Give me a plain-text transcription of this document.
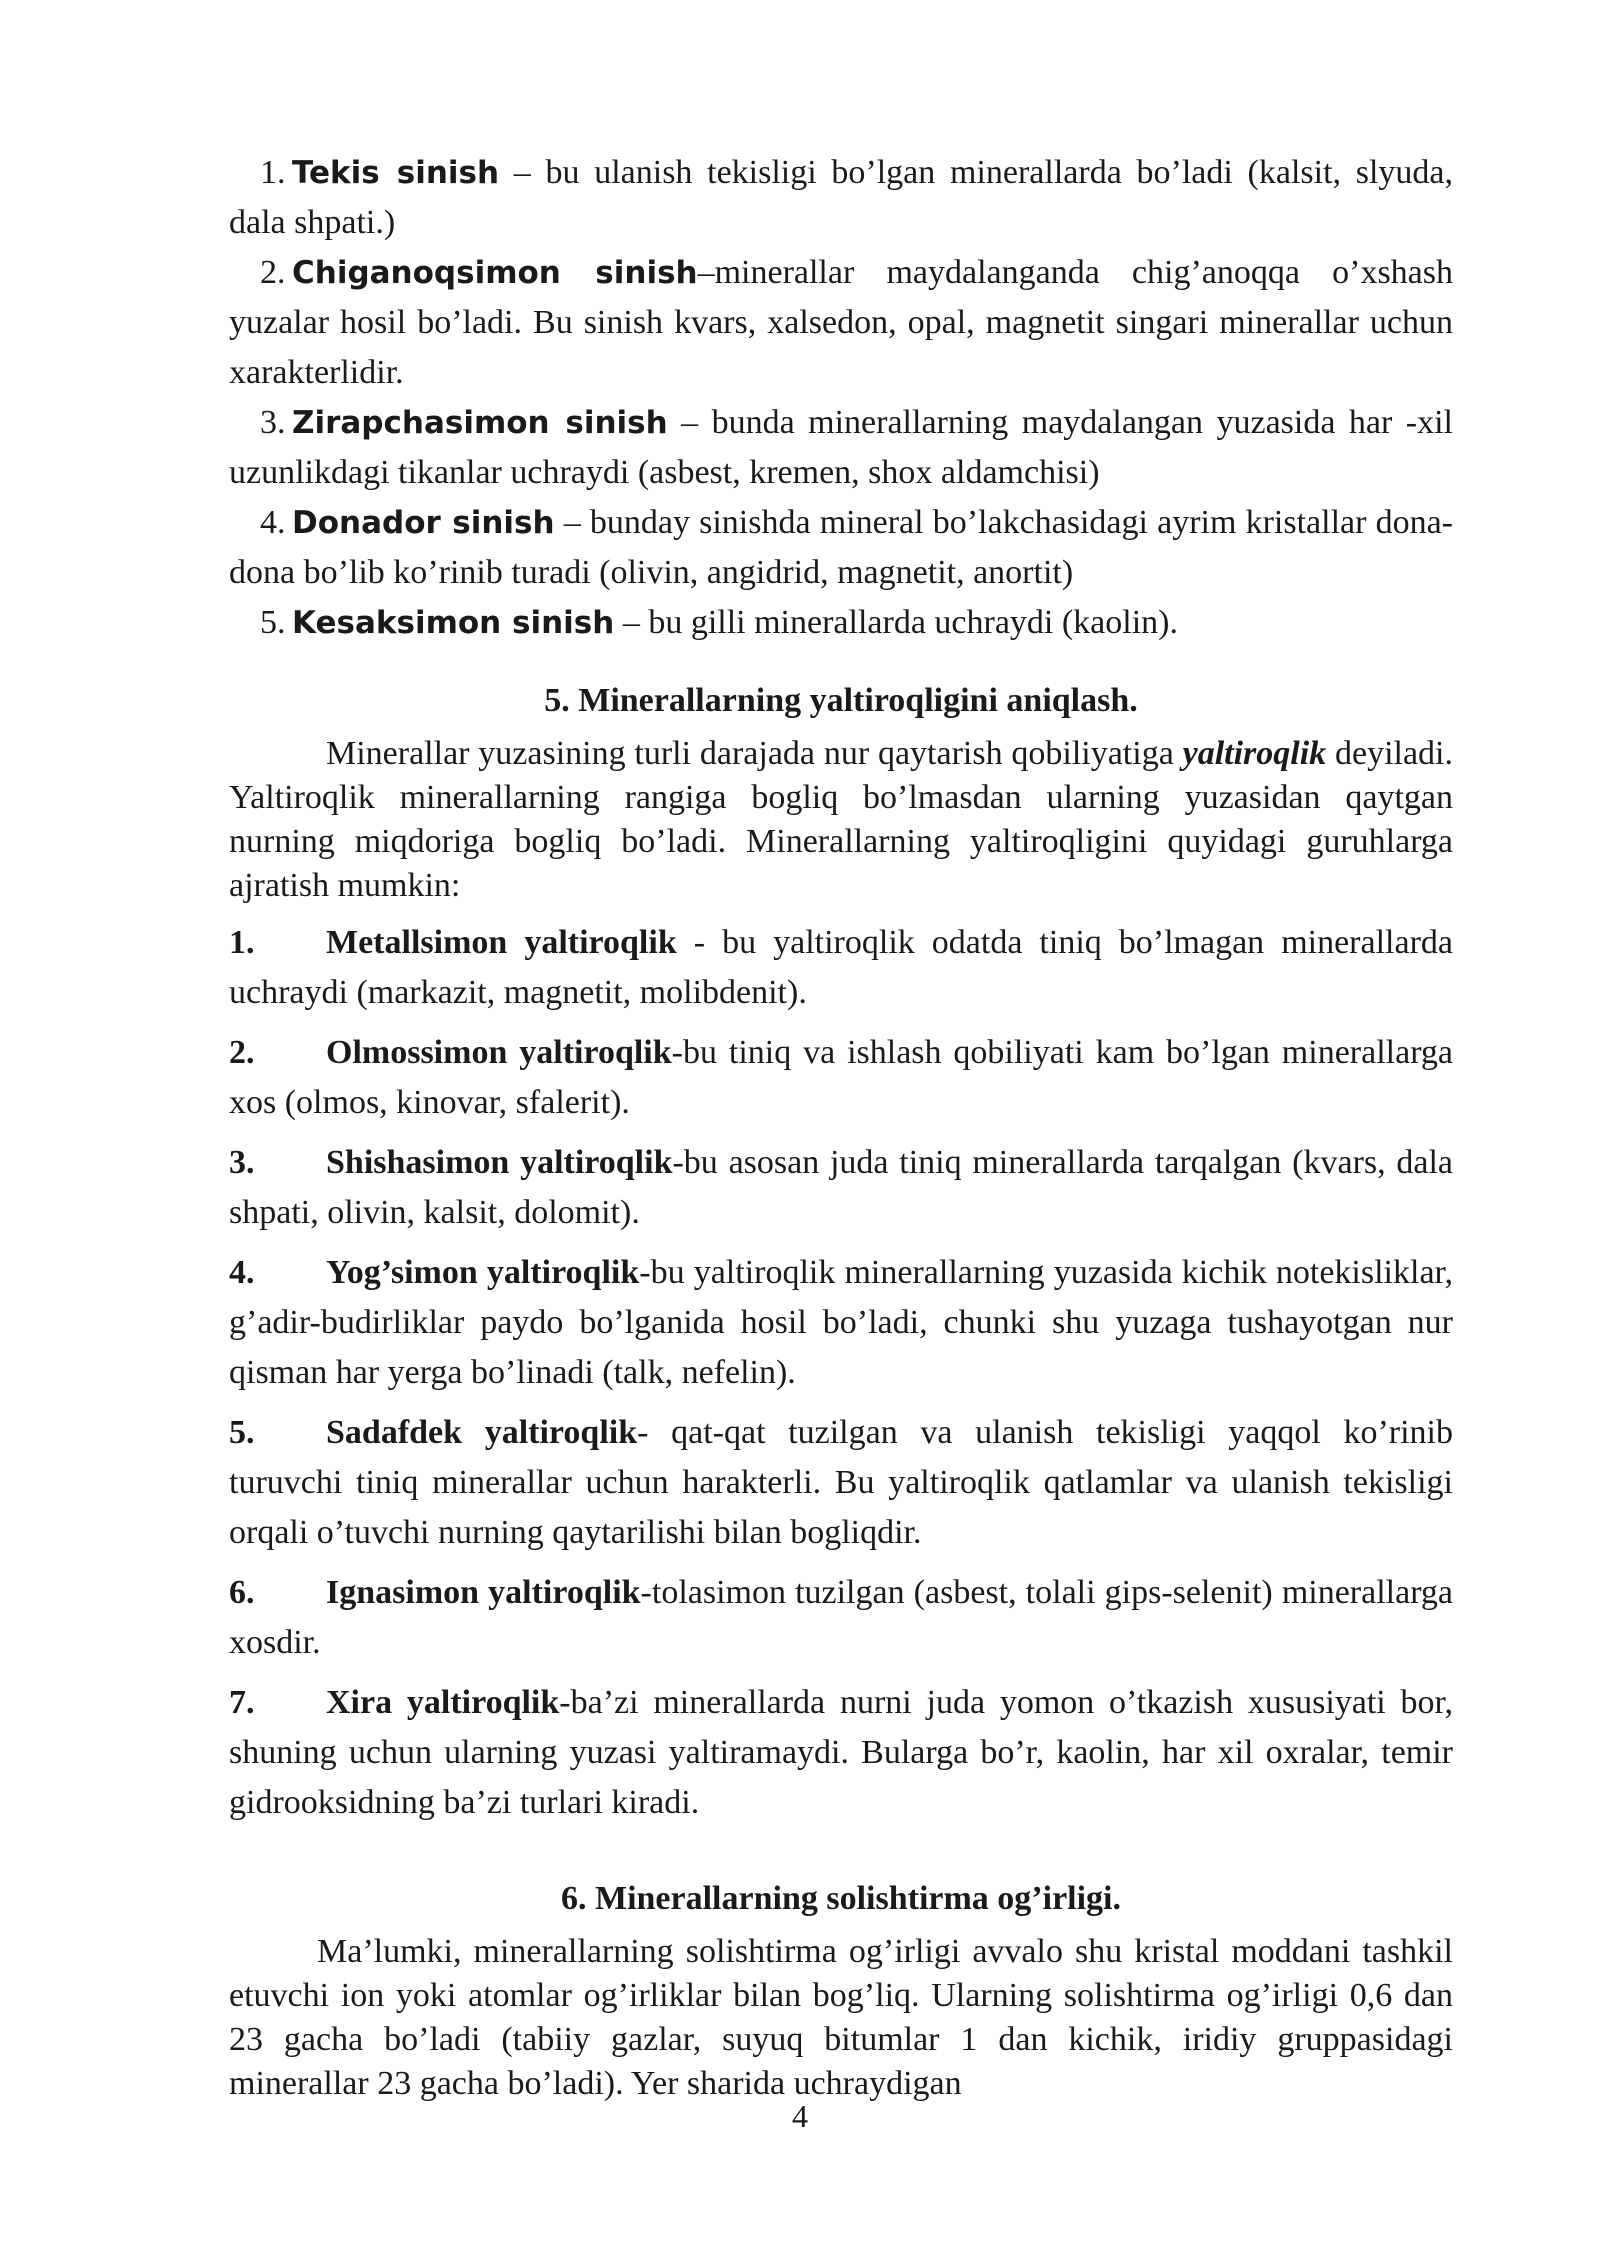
1. Tekis sinish – bu ulanish tekisligi bo’lgan minerallarda bo’ladi (kalsit, slyuda, dala shpati.)

2. Chiganoqsimon sinish–minerallar maydalanganda chig’anoqqa o’xshash yuzalar hosil bo’ladi. Bu sinish kvars, xalsedon, opal, magnetit singari minerallar uchun xarakterlidir.

3. Zirapchasimon sinish – bunda minerallarning maydalangan yuzasida har -xil uzunlikdagi tikanlar uchraydi (asbest, kremen, shox aldamchisi)

4. Donador sinish – bunday sinishda mineral bo’lakchasidagi ayrim kristallar dona-dona bo’lib ko’rinib turadi (olivin, angidrid, magnetit, anortit)

5. Kesaksimon sinish – bu gilli minerallarda uchraydi (kaolin).

5. Minerallarning yaltiroqligini aniqlash.

Minerallar yuzasining turli darajada nur qaytarish qobiliyatiga yaltiroqlik deyiladi. Yaltiroqlik minerallarning rangiga bogliq bo’lmasdan ularning yuzasidan qaytgan nurning miqdoriga bogliq bo’ladi. Minerallarning yaltiroqligini quyidagi guruhlarga ajratish mumkin:

1. Metallsimon yaltiroqlik - bu yaltiroqlik odatda tiniq bo’lmagan minerallarda uchraydi (markazit, magnetit, molibdenit).

2. Olmossimon yaltiroqlik-bu tiniq va ishlash qobiliyati kam bo’lgan minerallarga xos (olmos, kinovar, sfalerit).

3. Shishasimon yaltiroqlik-bu asosan juda tiniq minerallarda tarqalgan (kvars, dala shpati, olivin, kalsit, dolomit).

4. Yog’simon yaltiroqlik-bu yaltiroqlik minerallarning yuzasida kichik notekisliklar, g’adir-budirliklar paydo bo’lganida hosil bo’ladi, chunki shu yuzaga tushayotgan nur qisman har yerga bo’linadi (talk, nefelin).

5. Sadafdek yaltiroqlik- qat-qat tuzilgan va ulanish tekisligi yaqqol ko’rinib turuvchi tiniq minerallar uchun harakterli. Bu yaltiroqlik qatlamlar va ulanish tekisligi orqali o’tuvchi nurning qaytarilishi bilan bogliqdir.

6. Ignasimon yaltiroqlik-tolasimon tuzilgan (asbest, tolali gips-selenit) minerallarga xosdir.

7. Xira yaltiroqlik-ba’zi minerallarda nurni juda yomon o’tkazish xususiyati bor, shuning uchun ularning yuzasi yaltiramaydi. Bularga bo’r, kaolin, har xil oxralar, temir gidrooksidning ba’zi turlari kiradi.

6. Minerallarning solishtirma og’irligi.

Ma’lumki, minerallarning solishtirma og’irligi avvalo shu kristal moddani tashkil etuvchi ion yoki atomlar og’irliklar bilan bog’liq. Ularning solishtirma og’irligi 0,6 dan 23 gacha bo’ladi (tabiiy gazlar, suyuq bitumlar 1 dan kichik, iridiy gruppasidagi minerallar 23 gacha bo’ladi). Yer sharida uchraydigan

4
